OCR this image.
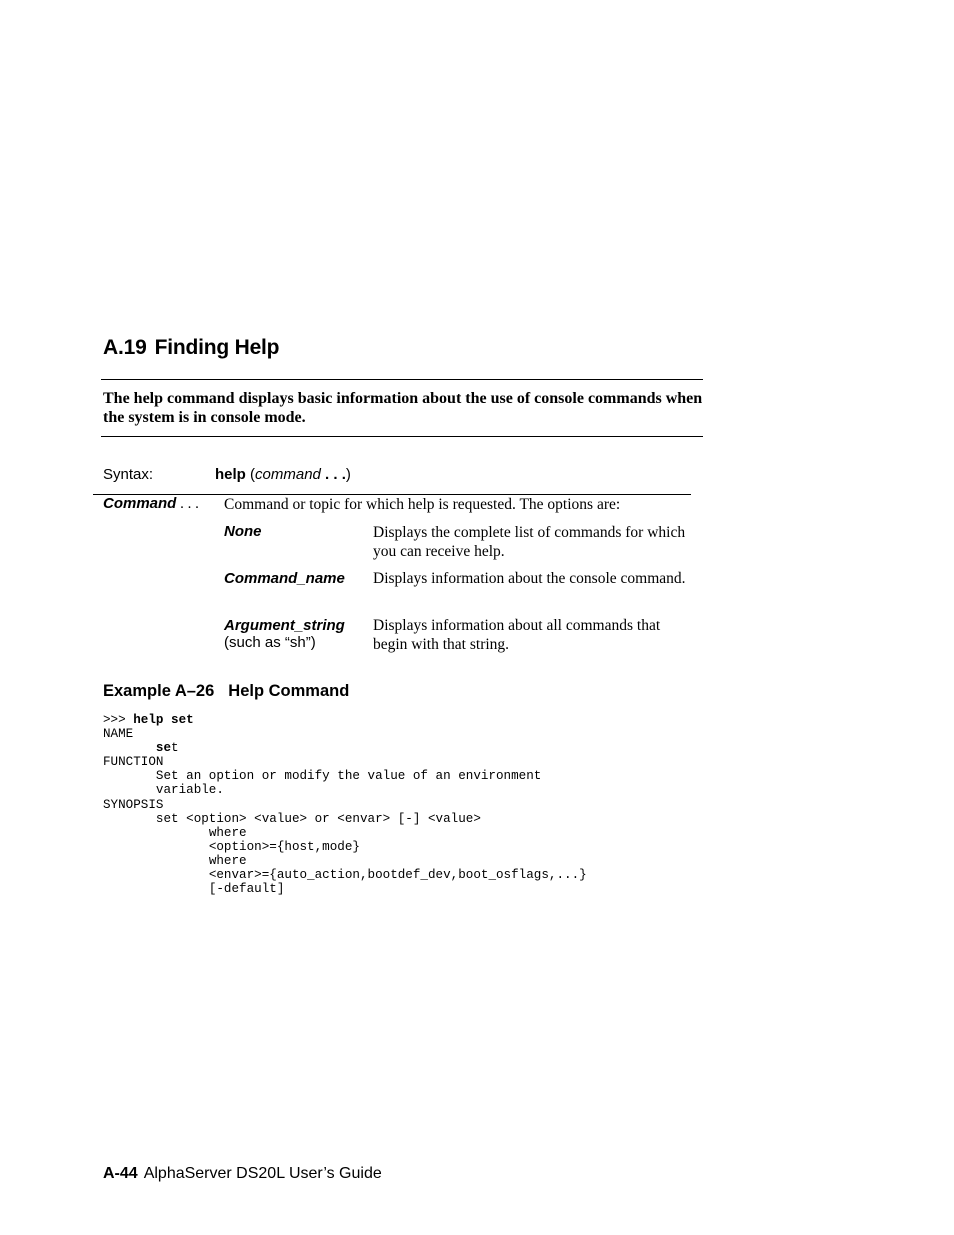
A.19 Finding Help
The help command displays basic information about the use of console commands when the system is in console mode.
Syntax:	help (command . . .)
Command . . . Command or topic for which help is requested. The options are:
None	Displays the complete list of commands for which you can receive help.
Command_name Displays information about the console command.
Argument_string
(such as “sh”)
Displays information about all commands that begin with that string.
Example A–26 Help Command
>>> help set
NAME
set
FUNCTION
Set an option or modify the value of an environment
variable.
SYNOPSIS
set <option> <value> or <envar> [-] <value>
where
<option>={host,mode}
where
<envar>={auto_action,bootdef_dev,boot_osflags,...}
[-default]
A-44 AlphaServer DS20L User’s Guide
